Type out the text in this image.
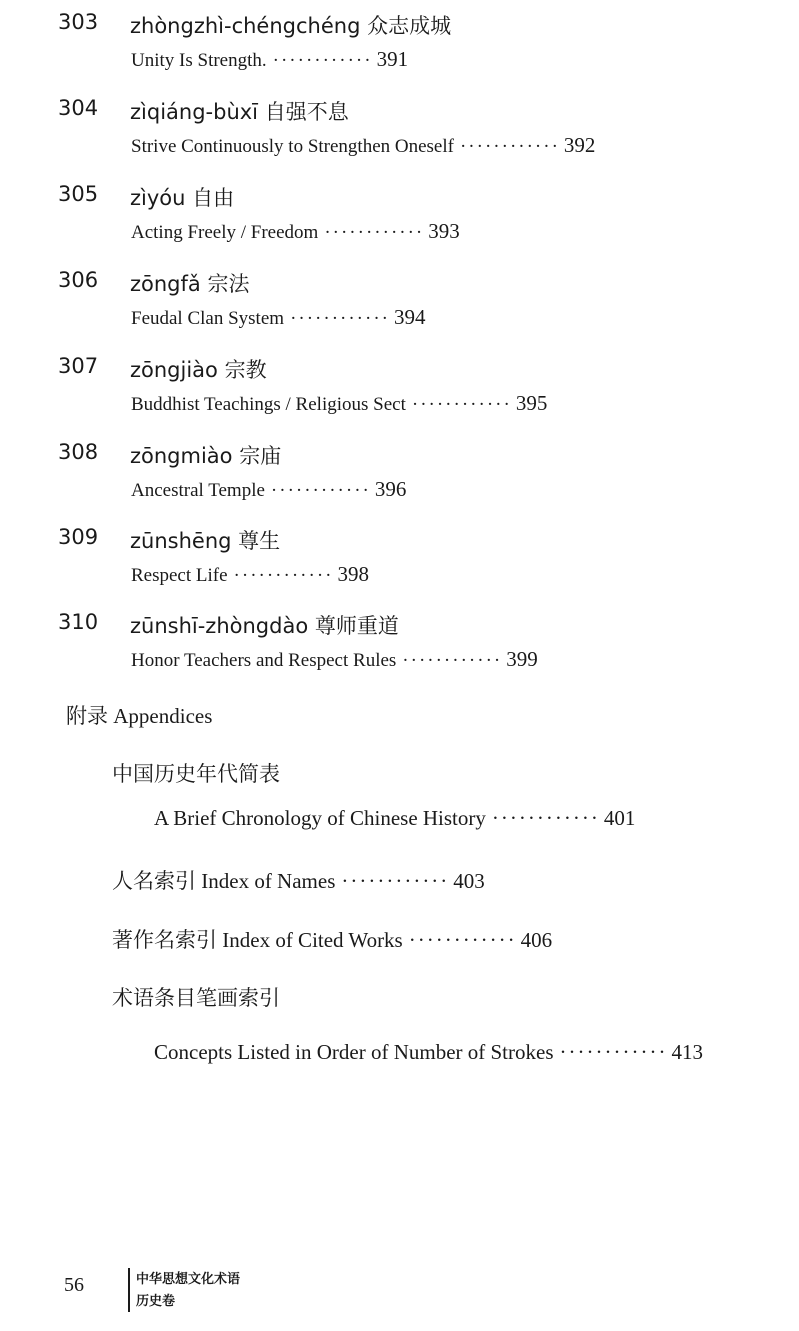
303 zhòngzhì-chéngchéng 众志成城
Unity Is Strength. ············ 391
304 zìqiáng-bùxī 自强不息
Strive Continuously to Strengthen Oneself ············ 392
305 zìyóu 自由
Acting Freely / Freedom ············ 393
306 zōngfǎ 宗法
Feudal Clan System ············ 394
307 zōngjiào 宗教
Buddhist Teachings / Religious Sect ············ 395
308 zōngmiào 宗庙
Ancestral Temple ············ 396
309 zūnshēng 尊生
Respect Life ············ 398
310 zūnshī-zhòngdào 尊师重道
Honor Teachers and Respect Rules ············ 399
附录 Appendices
中国历史年代简表
A Brief Chronology of Chinese History ············ 401
人名索引 Index of Names ············ 403
著作名索引 Index of Cited Works ············ 406
术语条目笔画索引
Concepts Listed in Order of Number of Strokes ············ 413
56	中华思想文化术语
历史卷
